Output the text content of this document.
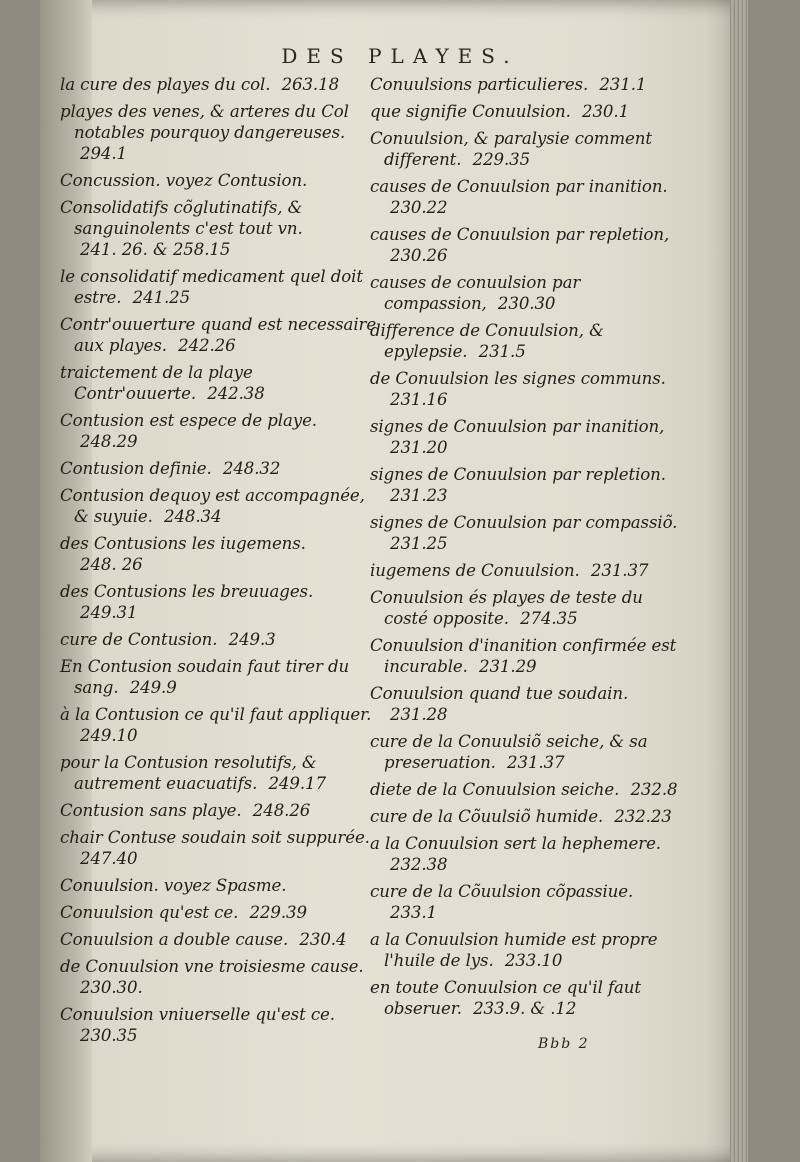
DES PLAYES.

la cure des playes du col. 263.18

playes des venes, & arteres du Col notables pourquoy dangereuses. 294.1

Concussion. voyez Contusion.

Consolidatifs cõglutinatifs, & sanguinolents c'est tout vn. 241. 26. & 258.15

le consolidatif medicament quel doit estre. 241.25

Contr'ouuerture quand est necessaire aux playes. 242.26

traictement de la playe Contr'ouuerte. 242.38

Contusion est espece de playe. 248.29

Contusion definie. 248.32

Contusion dequoy est accompagnée, & suyuie. 248.34

des Contusions les iugemens. 248. 26

des Contusions les breuuages. 249.31

cure de Contusion. 249.3

En Contusion soudain faut tirer du sang. 249.9

à la Contusion ce qu'il faut appliquer. 249.10

pour la Contusion resolutifs, & autrement euacuatifs. 249.17

Contusion sans playe. 248.26

chair Contuse soudain soit suppurée. 247.40

Conuulsion. voyez Spasme.

Conuulsion qu'est ce. 229.39

Conuulsion a double cause. 230.4

de Conuulsion vne troisiesme cause. 230.30.

Conuulsion vniuerselle qu'est ce. 230.35

Conuulsions particulieres. 231.1

que signifie Conuulsion. 230.1

Conuulsion, & paralysie comment different. 229.35

causes de Conuulsion par inanition. 230.22

causes de Conuulsion par repletion, 230.26

causes de conuulsion par compassion, 230.30

difference de Conuulsion, & epylepsie. 231.5

de Conuulsion les signes communs. 231.16

signes de Conuulsion par inanition, 231.20

signes de Conuulsion par repletion. 231.23

signes de Conuulsion par compassiõ. 231.25

iugemens de Conuulsion. 231.37

Conuulsion és playes de teste du costé opposite. 274.35

Conuulsion d'inanition confirmée est incurable. 231.29

Conuulsion quand tue soudain. 231.28

cure de la Conuulsiõ seiche, & sa preseruation. 231.37

diete de la Conuulsion seiche. 232.8

cure de la Cõuulsiõ humide. 232.23

a la Conuulsion sert la hephemere. 232.38

cure de la Cõuulsion cõpassiue. 233.1

a la Conuulsion humide est propre l'huile de lys. 233.10

en toute Conuulsion ce qu'il faut obseruer. 233.9. & .12

Bbb 2
